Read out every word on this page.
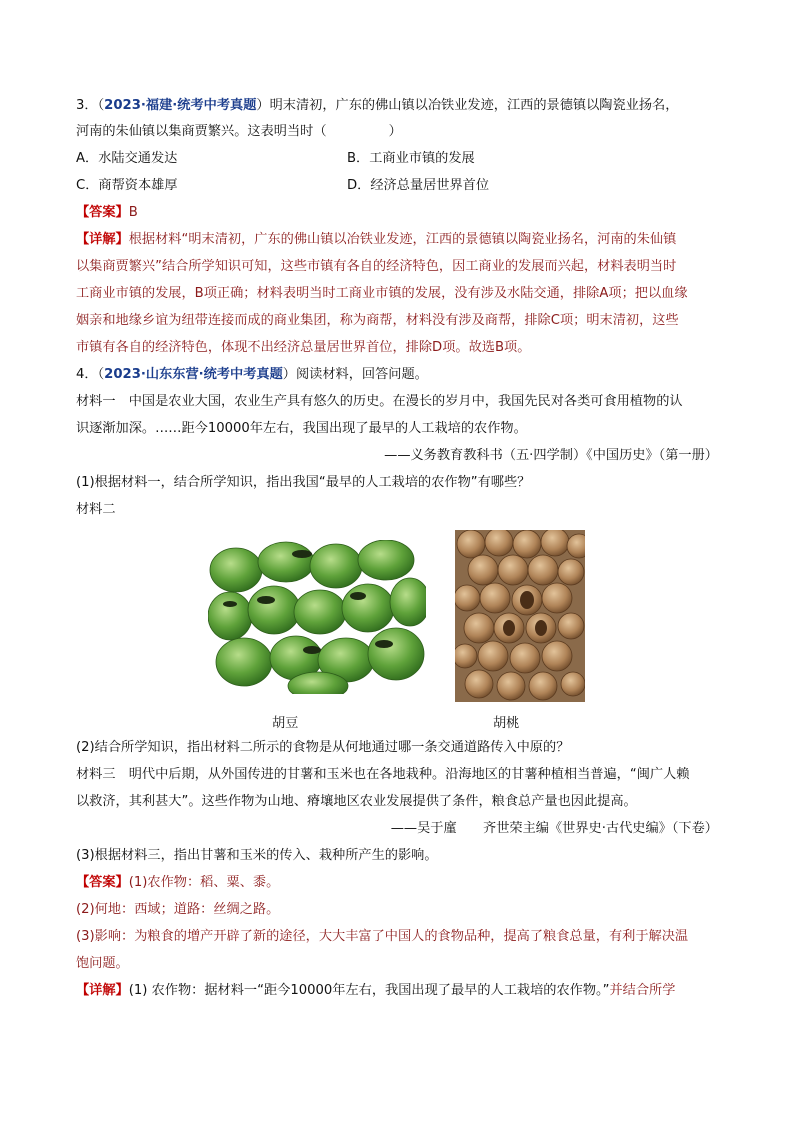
3．（2023·福建·统考中考真题）明末清初，广东的佛山镇以冶铁业发迹，江西的景德镇以陶瓷业扬名，
河南的朱仙镇以集商贾繁兴。这表明当时（	）
A．水陆交通发达	B．工商业市镇的发展
C．商帮资本雄厚	D．经济总量居世界首位
【答案】B
【详解】根据材料“明末清初，广东的佛山镇以冶铁业发迹，江西的景德镇以陶瓷业扬名，河南的朱仙镇
以集商贾繁兴”结合所学知识可知，这些市镇有各自的经济特色，因工商业的发展而兴起，材料表明当时
工商业市镇的发展，B项正确；材料表明当时工商业市镇的发展，没有涉及水陆交通，排除A项；把以血缘
姻亲和地缘乡谊为纽带连接而成的商业集团，称为商帮，材料没有涉及商帮，排除C项；明末清初，这些
市镇有各自的经济特色，体现不出经济总量居世界首位，排除D项。故选B项。
4．（2023·山东东营·统考中考真题）阅读材料，回答问题。
材料一　中国是农业大国，农业生产具有悠久的历史。在漫长的岁月中，我国先民对各类可食用植物的认
识逐渐加深。……距今10000年左右，我国出现了最早的人工栽培的农作物。
——义务教育教科书（五·四学制）《中国历史》（第一册）
(1)根据材料一，结合所学知识，指出我国“最早的人工栽培的农作物”有哪些？
材料二
胡豆	胡桃
(2)结合所学知识，指出材料二所示的食物是从何地通过哪一条交通道路传入中原的？
材料三　明代中后期，从外国传进的甘薯和玉米也在各地栽种。沿海地区的甘薯种植相当普遍，“闽广人赖
以救济，其利甚大”。这些作物为山地、瘠壤地区农业发展提供了条件，粮食总产量也因此提高。
——吴于廑　　齐世荣主编《世界史·古代史编》（下卷）
(3)根据材料三，指出甘薯和玉米的传入、栽种所产生的影响。
【答案】(1)农作物：稻、粟、黍。
(2)何地：西域；道路：丝绸之路。
(3)影响：为粮食的增产开辟了新的途径，大大丰富了中国人的食物品种，提高了粮食总量，有利于解决温
饱问题。
【详解】(1) 农作物：据材料一“距今10000年左右，我国出现了最早的人工栽培的农作物。”并结合所学
